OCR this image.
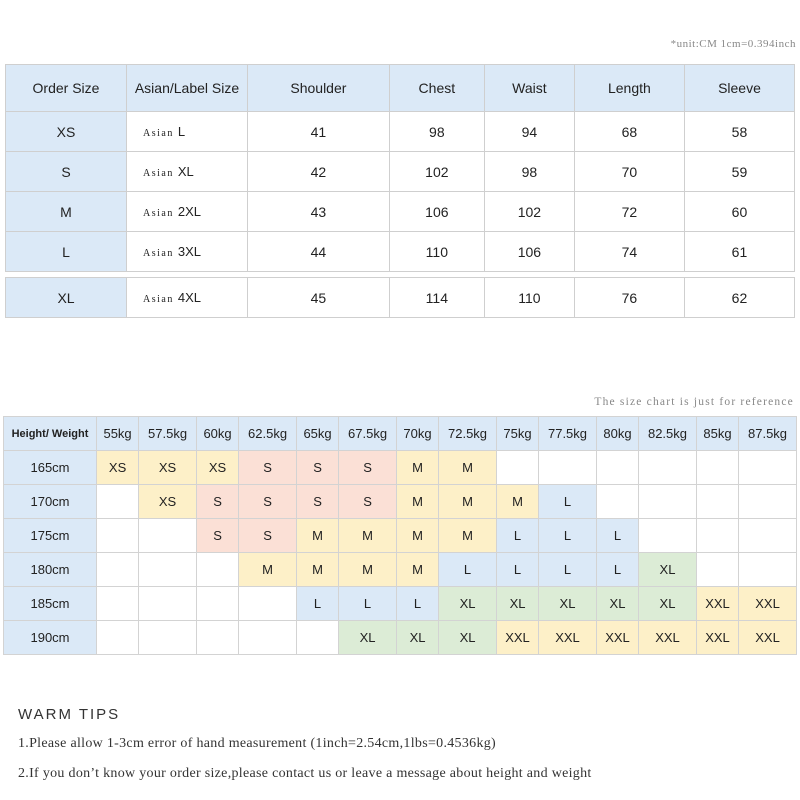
*unit:CM 1cm=0.394inch
Order Size	Asian/Label Size	Shoulder	Chest	Waist	Length	Sleeve
XS	Asian L	41	98	94	68	58
S	Asian XL	42	102	98	70	59
M	Asian 2XL	43	106	102	72	60
L	Asian 3XL	44	110	106	74	61

XL	Asian 4XL	45	114	110	76	62
The size chart is just for reference
Height/ Weight	55kg	57.5kg	60kg	62.5kg	65kg	67.5kg	70kg	72.5kg	75kg	77.5kg	80kg	82.5kg	85kg	87.5kg
165cm	XS	XS	XS	S	S	S	M	M						
170cm		XS	S	S	S	S	M	M	M	L				
175cm			S	S	M	M	M	M	L	L	L			
180cm				M	M	M	M	L	L	L	L	XL		
185cm					L	L	L	XL	XL	XL	XL	XL	XXL	XXL
190cm						XL	XL	XL	XXL	XXL	XXL	XXL	XXL	XXL
WARM TIPS
1.Please allow 1-3cm error of hand measurement (1inch=2.54cm,1lbs=0.4536kg)
2.If you don’t know your order size,please contact us or leave a message about height and weight
